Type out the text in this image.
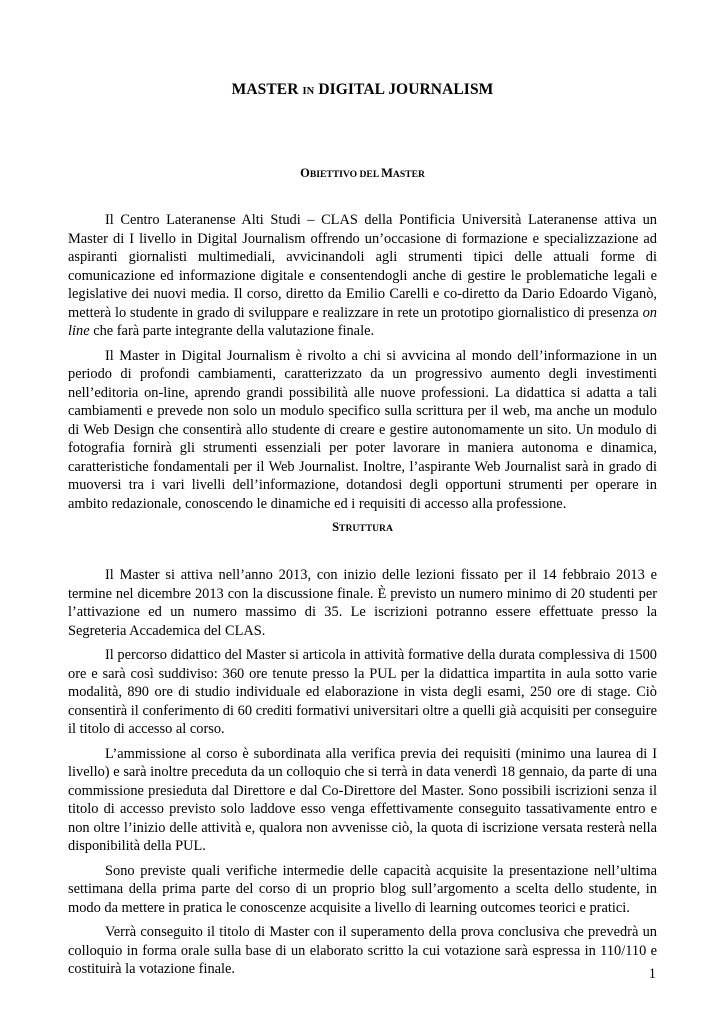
MASTER IN DIGITAL JOURNALISM
OBIETTIVO DEL MASTER

Il Centro Lateranense Alti Studi – CLAS della Pontificia Università Lateranense attiva un Master di I livello in Digital Journalism offrendo un’occasione di formazione e specializzazione ad aspiranti giornalisti multimediali, avvicinandoli agli strumenti tipici delle attuali forme di comunicazione ed informazione digitale e consentendogli anche di gestire le problematiche legali e legislative dei nuovi media. Il corso, diretto da Emilio Carelli e co-diretto da Dario Edoardo Viganò, metterà lo studente in grado di sviluppare e realizzare in rete un prototipo giornalistico di presenza on line che farà parte integrante della valutazione finale.

Il Master in Digital Journalism è rivolto a chi si avvicina al mondo dell’informazione in un periodo di profondi cambiamenti, caratterizzato da un progressivo aumento degli investimenti nell’editoria on-line, aprendo grandi possibilità alle nuove professioni. La didattica si adatta a tali cambiamenti e prevede non solo un modulo specifico sulla scrittura per il web, ma anche un modulo di Web Design che consentirà allo studente di creare e gestire autonomamente un sito. Un modulo di fotografia fornirà gli strumenti essenziali per poter lavorare in maniera autonoma e dinamica, caratteristiche fondamentali per il Web Journalist. Inoltre, l’aspirante Web Journalist sarà in grado di muoversi tra i vari livelli dell’informazione, dotandosi degli opportuni strumenti per operare in ambito redazionale, conoscendo le dinamiche ed i requisiti di accesso alla professione.

STRUTTURA

Il Master si attiva nell’anno 2013, con inizio delle lezioni fissato per il 14 febbraio 2013 e termine nel dicembre 2013 con la discussione finale. È previsto un numero minimo di 20 studenti per l’attivazione ed un numero massimo di 35. Le iscrizioni potranno essere effettuate presso la Segreteria Accademica del CLAS.

Il percorso didattico del Master si articola in attività formative della durata complessiva di 1500 ore e sarà così suddiviso: 360 ore tenute presso la PUL per la didattica impartita in aula sotto varie modalità, 890 ore di studio individuale ed elaborazione in vista degli esami, 250 ore di stage. Ciò consentirà il conferimento di 60 crediti formativi universitari oltre a quelli già acquisiti per conseguire il titolo di accesso al corso.

L’ammissione al corso è subordinata alla verifica previa dei requisiti (minimo una laurea di I livello) e sarà inoltre preceduta da un colloquio che si terrà in data venerdì 18 gennaio, da parte di una commissione presieduta dal Direttore e dal Co-Direttore del Master. Sono possibili iscrizioni senza il titolo di accesso previsto solo laddove esso venga effettivamente conseguito tassativamente entro e non oltre l’inizio delle attività e, qualora non avvenisse ciò, la quota di iscrizione versata resterà nella disponibilità della PUL.

Sono previste quali verifiche intermedie delle capacità acquisite la presentazione nell’ultima settimana della prima parte del corso di un proprio blog sull’argomento a scelta dello studente, in modo da mettere in pratica le conoscenze acquisite a livello di learning outcomes teorici e pratici.

Verrà conseguito il titolo di Master con il superamento della prova conclusiva che prevedrà un colloquio in forma orale sulla base di un elaborato scritto la cui votazione sarà espressa in 110/110 e costituirà la votazione finale.	1
